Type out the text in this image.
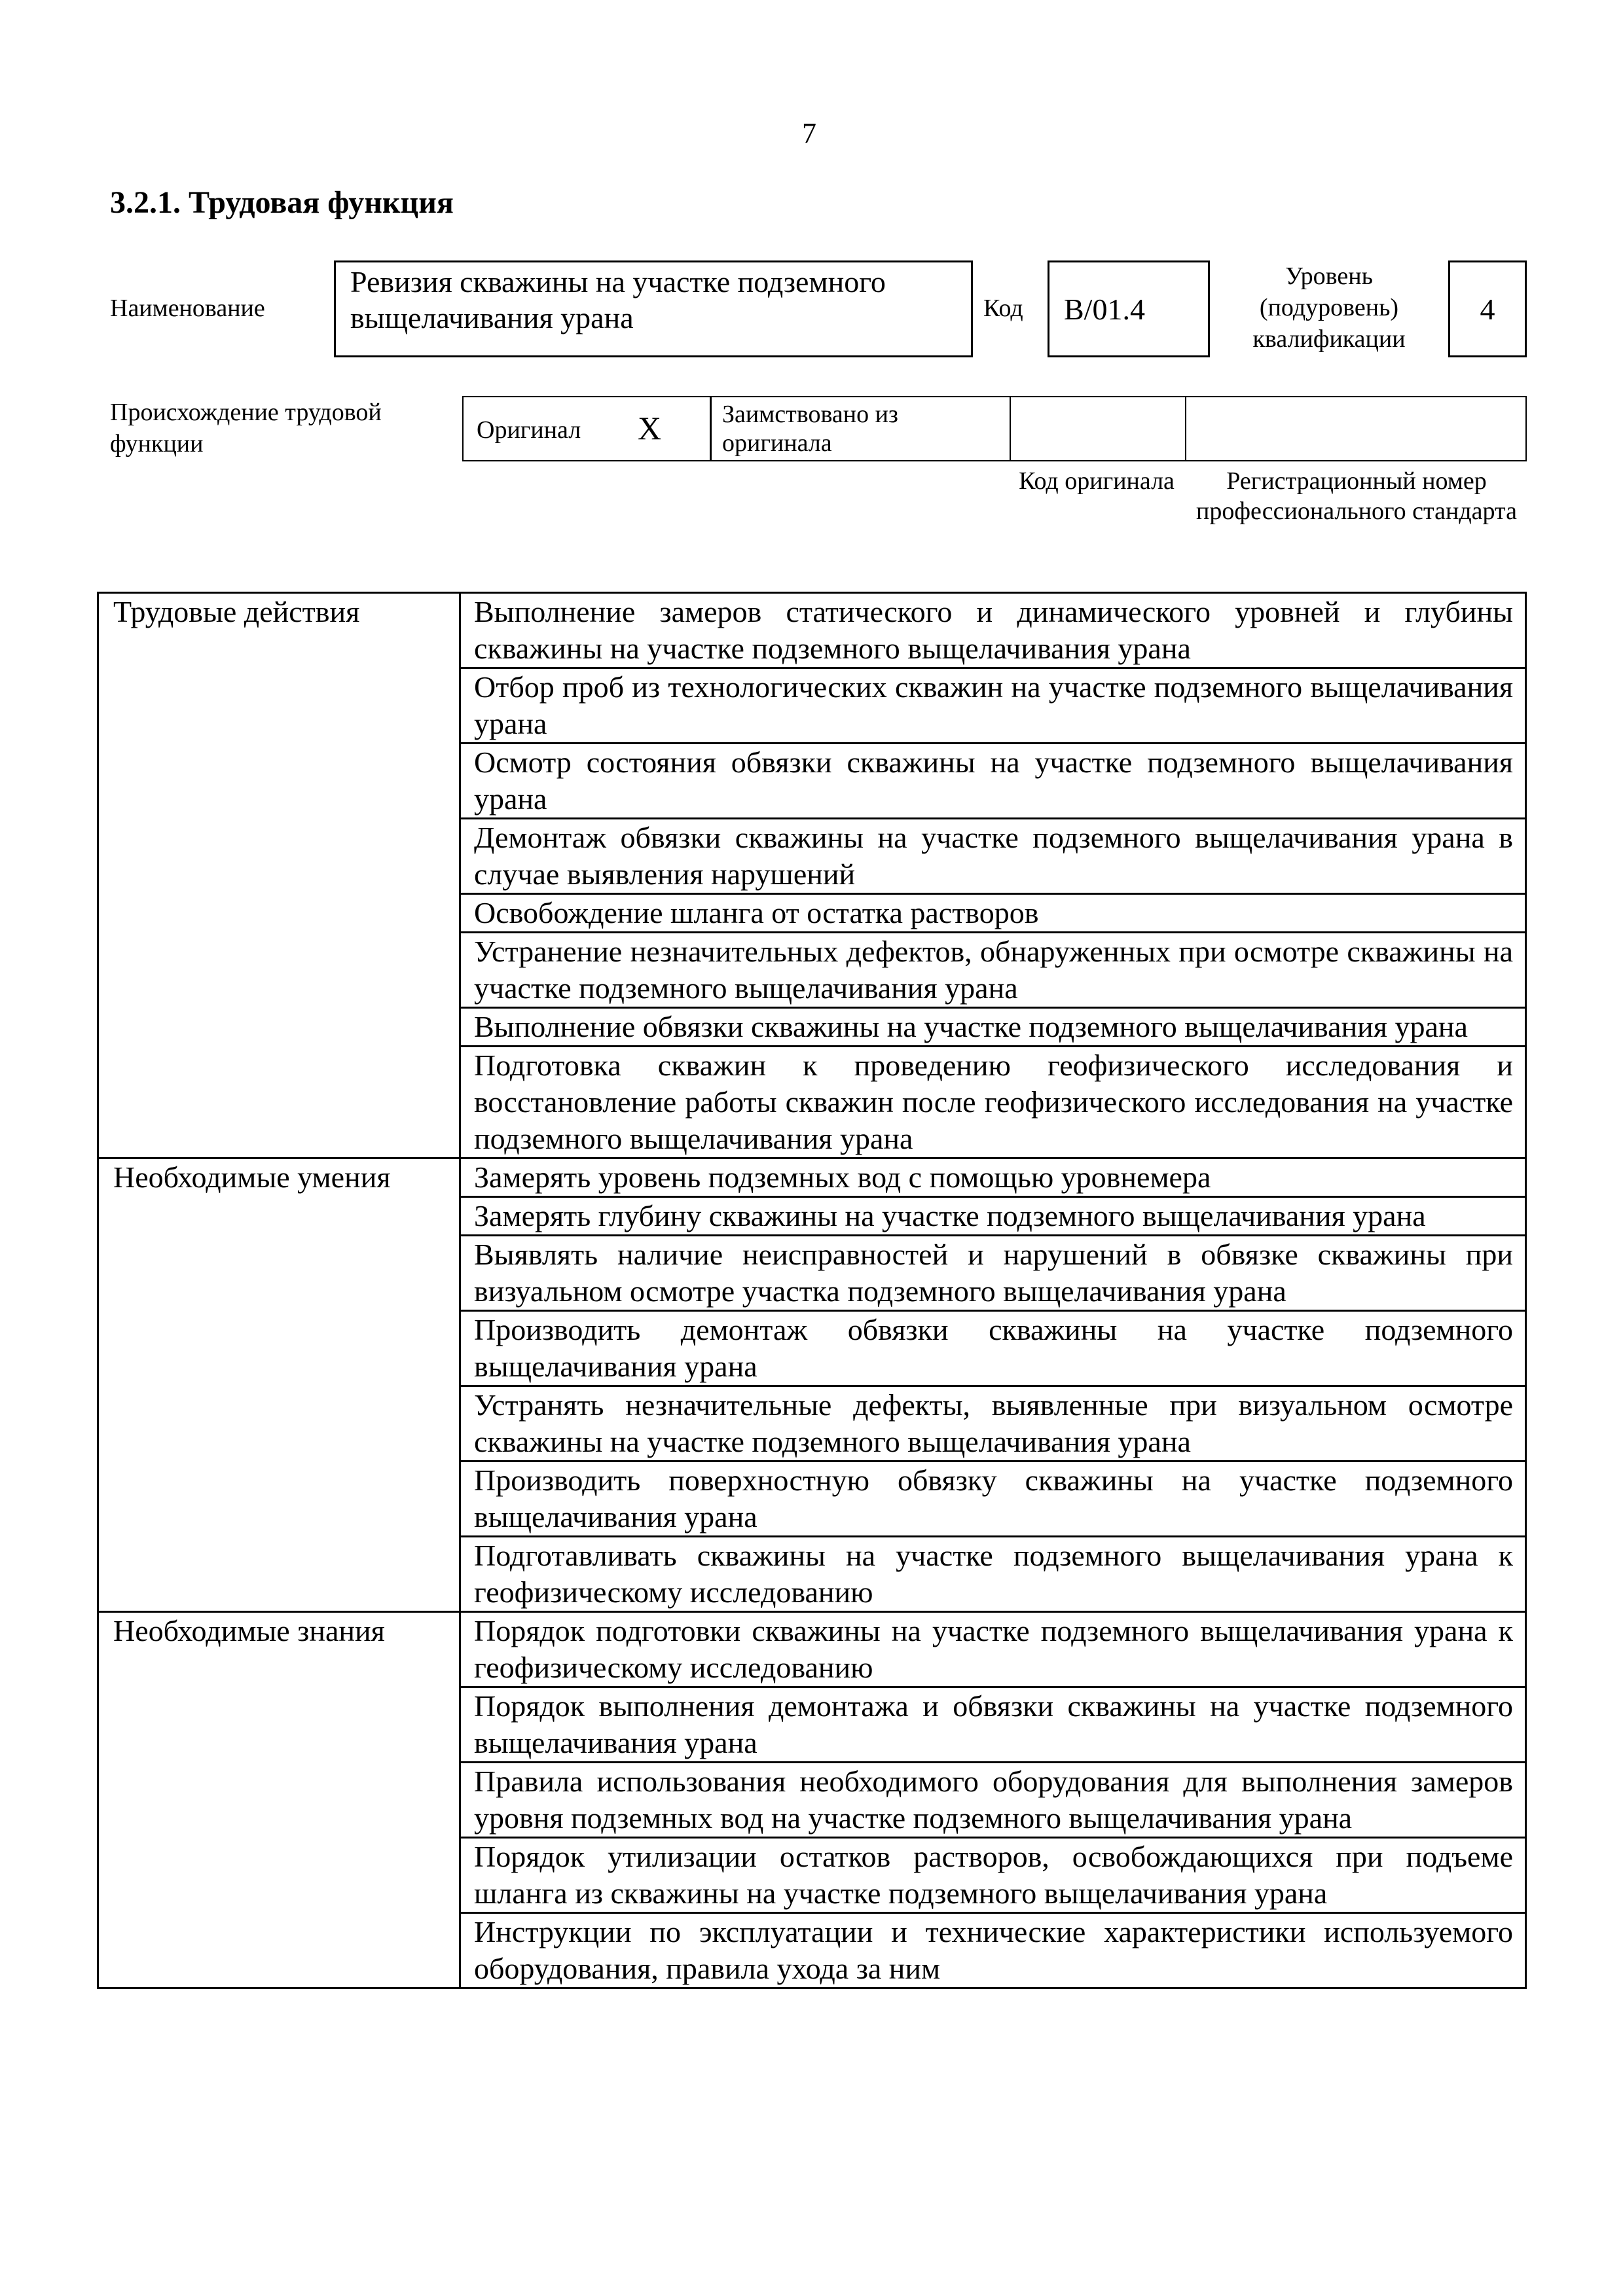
7
3.2.1. Трудовая функция
Наименование
Ревизия скважины на участке подземного выщелачивания урана	Код	B/01.4
Уровень (подуровень) квалификации
4
Происхождение трудовой функции	Оригинал X Заимствовано из оригинала
Код оригинала	Регистрационный номер профессионального стандарта
Трудовые действия	Выполнение замеров статического и динамического уровней и глубины скважины на участке подземного выщелачивания урана
	Отбор проб из технологических скважин на участке подземного выщелачивания урана
	Осмотр состояния обвязки скважины на участке подземного выщелачивания урана
	Демонтаж обвязки скважины на участке подземного выщелачивания урана в случае выявления нарушений
	Освобождение шланга от остатка растворов
	Устранение незначительных дефектов, обнаруженных при осмотре скважины на участке подземного выщелачивания урана
	Выполнение обвязки скважины на участке подземного выщелачивания урана
	Подготовка скважин к проведению геофизического исследования и восстановление работы скважин после геофизического исследования на участке подземного выщелачивания урана
Необходимые умения	Замерять уровень подземных вод с помощью уровнемера
	Замерять глубину скважины на участке подземного выщелачивания урана
	Выявлять наличие неисправностей и нарушений в обвязке скважины при визуальном осмотре участка подземного выщелачивания урана
	Производить демонтаж обвязки скважины на участке подземного выщелачивания урана
	Устранять незначительные дефекты, выявленные при визуальном осмотре скважины на участке подземного выщелачивания урана
	Производить поверхностную обвязку скважины на участке подземного выщелачивания урана
	Подготавливать скважины на участке подземного выщелачивания урана к геофизическому исследованию
Необходимые знания	Порядок подготовки скважины на участке подземного выщелачивания урана к геофизическому исследованию
	Порядок выполнения демонтажа и обвязки скважины на участке подземного выщелачивания урана
	Правила использования необходимого оборудования для выполнения замеров уровня подземных вод на участке подземного выщелачивания урана
	Порядок утилизации остатков растворов, освобождающихся при подъеме шланга из скважины на участке подземного выщелачивания урана
	Инструкции по эксплуатации и технические характеристики используемого оборудования, правила ухода за ним
